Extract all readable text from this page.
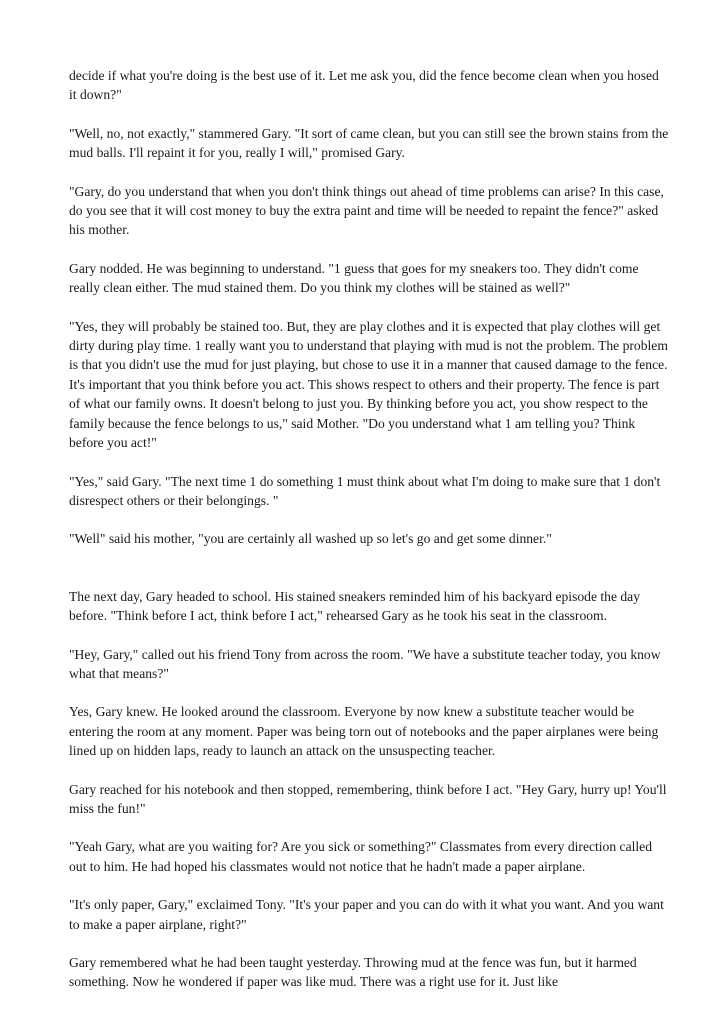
decide if what you're doing is the best use of it. Let me ask you, did the fence become clean when you hosed it down?"

"Well, no, not exactly," stammered Gary. "It sort of came clean, but you can still see the brown stains from the mud balls. I'll repaint it for you, really I will," promised Gary.

"Gary, do you understand that when you don't think things out ahead of time problems can arise? In this case, do you see that it will cost money to buy the extra paint and time will be needed to repaint the fence?" asked his mother.

Gary nodded. He was beginning to understand. "1 guess that goes for my sneakers too. They didn't come really clean either. The mud stained them. Do you think my clothes will be stained as well?"

"Yes, they will probably be stained too. But, they are play clothes and it is expected that play clothes will get dirty during play time. 1 really want you to understand that playing with mud is not the problem. The problem is that you didn't use the mud for just playing, but chose to use it in a manner that caused damage to the fence. It's important that you think before you act. This shows respect to others and their property. The fence is part of what our family owns. It doesn't belong to just you. By thinking before you act, you show respect to the family because the fence belongs to us," said Mother. "Do you understand what 1 am telling you? Think before you act!"

"Yes," said Gary. "The next time 1 do something 1 must think about what I'm doing to make sure that 1 don't disrespect others or their belongings. "

"Well" said his mother, "you are certainly all washed up so let's go and get some dinner."

The next day, Gary headed to school. His stained sneakers reminded him of his backyard episode the day before. "Think before I act, think before I act," rehearsed Gary as he took his seat in the classroom.

"Hey, Gary," called out his friend Tony from across the room. "We have a substitute teacher today, you know what that means?"

Yes, Gary knew. He looked around the classroom. Everyone by now knew a substitute teacher would be entering the room at any moment. Paper was being torn out of notebooks and the paper airplanes were being lined up on hidden laps, ready to launch an attack on the unsuspecting teacher.

Gary reached for his notebook and then stopped, remembering, think before I act. "Hey Gary, hurry up! You'll miss the fun!"

"Yeah Gary, what are you waiting for? Are you sick or something?" Classmates from every direction called out to him. He had hoped his classmates would not notice that he hadn't made a paper airplane.

"It's only paper, Gary," exclaimed Tony. "It's your paper and you can do with it what you want. And you want to make a paper airplane, right?"

Gary remembered what he had been taught yesterday. Throwing mud at the fence was fun, but it harmed something. Now he wondered if paper was like mud. There was a right use for it. Just like
